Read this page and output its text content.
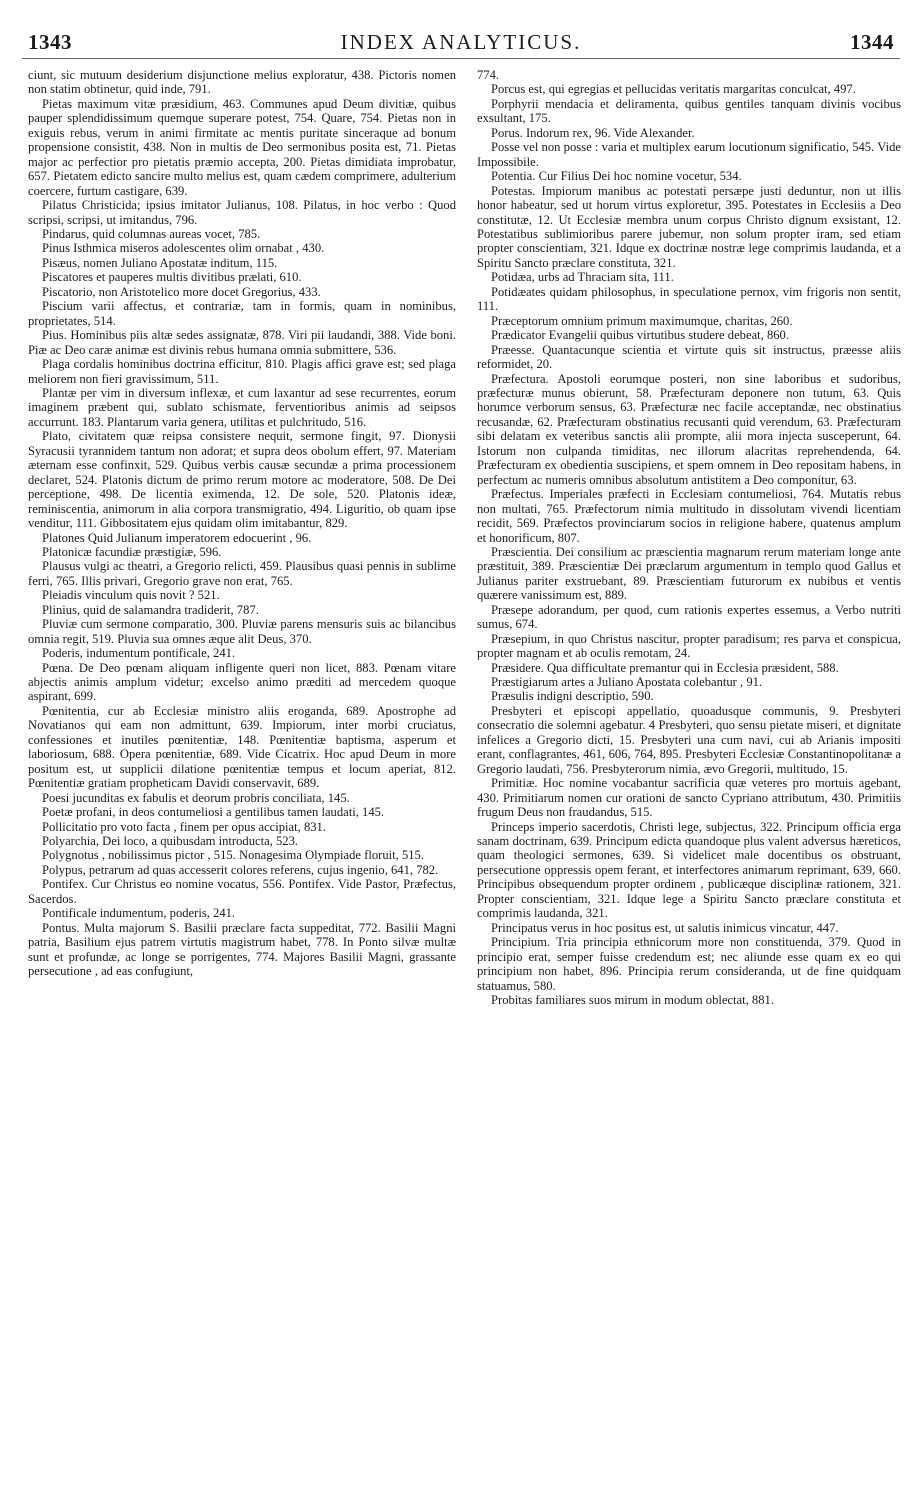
1343	INDEX ANALYTICUS.	1344

ciunt, sic mutuum desiderium disjunctione melius exploratur, 438. Pictoris nomen non statim obtinetur, quid inde, 791.

Pietas maximum vitæ præsidium, 463. Communes apud Deum divitiæ, quibus pauper splendidissimum quemque superare potest, 754. Quare, 754. Pietas non in exiguis rebus, verum in animi firmitate ac mentis puritate sinceraque ad bonum propensione consistit, 438. Non in multis de Deo sermonibus posita est, 71. Pietas major ac perfectior pro pietatis præmio accepta, 200. Pietas dimidiata improbatur, 657. Pietatem edicto sancire multo melius est, quam cædem comprimere, adulterium coercere, furtum castigare, 639.

Pilatus Christicida; ipsius imitator Julianus, 108. Pilatus, in hoc verbo : Quod scripsi, scripsi, ut imitandus, 796.

Pindarus, quid columnas aureas vocet, 785.

Pinus Isthmica miseros adolescentes olim ornabat , 430.

Pisæus, nomen Juliano Apostatæ inditum, 115.

Piscatores et pauperes multis divitibus prælati, 610.

Piscatorio, non Aristotelico more docet Gregorius, 433.

Piscium varii affectus, et contrariæ, tam in formis, quam in nominibus, proprietates, 514.

Pius. Hominibus piis altæ sedes assignatæ, 878. Viri pii laudandi, 388. Vide boni. Piæ ac Deo caræ animæ est divinis rebus humana omnia submittere, 536.

Plaga cordalis hominibus doctrina efficitur, 810. Plagis affici grave est; sed plaga meliorem non fieri gravissimum, 511.

Plantæ per vim in diversum inflexæ, et cum laxantur ad sese recurrentes, eorum imaginem præbent qui, sublato schismate, ferventioribus animis ad seipsos accurrunt. 183. Plantarum varia genera, utilitas et pulchritudo, 516.

Plato, civitatem quæ reipsa consistere nequit, sermone fingit, 97. Dionysii Syracusii tyrannidem tantum non adorat; et supra deos obolum effert, 97. Materiam æternam esse confinxit, 529. Quibus verbis causæ secundæ a prima processionem declaret, 524. Platonis dictum de primo rerum motore ac moderatore, 508. De Dei perceptione, 498. De licentia eximenda, 12. De sole, 520. Platonis ideæ, reminiscentia, animorum in alia corpora transmigratio, 494. Liguritio, ob quam ipse venditur, 111. Gibbositatem ejus quidam olim imitabantur, 829.

Platones Quid Julianum imperatorem edocuerint , 96.

Platonicæ facundiæ præstigiæ, 596.

Plausus vulgi ac theatri, a Gregorio relicti, 459. Plausibus quasi pennis in sublime ferri, 765. Illis privari, Gregorio grave non erat, 765.

Pleiadis vinculum quis novit ? 521.

Plinius, quid de salamandra tradiderit, 787.

Pluviæ cum sermone comparatio, 300. Pluviæ parens mensuris suis ac bilancibus omnia regit, 519. Pluvia sua omnes æque alit Deus, 370.

Poderis, indumentum pontificale, 241.

Pœna. De Deo pœnam aliquam infligente queri non licet, 883. Pœnam vitare abjectis animis amplum videtur; excelso animo præditi ad mercedem quoque aspirant, 699.

Pœnitentia, cur ab Ecclesiæ ministro aliis eroganda, 689. Apostrophe ad Novatianos qui eam non admittunt, 639. Impiorum, inter morbi cruciatus, confessiones et inutiles pœnitentiæ, 148. Pœnitentiæ baptisma, asperum et laboriosum, 688. Opera pœnitentiæ, 689. Vide Cicatrix. Hoc apud Deum in more positum est, ut supplicii dilatione pœnitentiæ tempus et locum aperiat, 812. Pœnitentiæ gratiam propheticam Davidi conservavit, 689.

Poesi jucunditas ex fabulis et deorum probris conciliata, 145.

Poetæ profani, in deos contumeliosi a gentilibus tamen laudati, 145.

Pollicitatio pro voto facta , finem per opus accipiat, 831.

Polyarchia, Dei loco, a quibusdam introducta, 523.

Polygnotus , nobilissimus pictor , 515. Nonagesima Olympiade floruit, 515.

Polypus, petrarum ad quas accesserit colores referens, cujus ingenio, 641, 782.

Pontifex. Cur Christus eo nomine vocatus, 556. Pontifex. Vide Pastor, Præfectus, Sacerdos.

Pontificale indumentum, poderis, 241.

Pontus. Multa majorum S. Basilii præclare facta suppeditat, 772. Basilii Magni patria, Basilium ejus patrem virtutis magistrum habet, 778. In Ponto silvæ multæ sunt et profundæ, ac longe se porrigentes, 774. Majores Basilii Magni, grassante persecutione , ad eas confugiunt,

774.

Porcus est, qui egregias et pellucidas veritatis margaritas conculcat, 497.

Porphyrii mendacia et deliramenta, quibus gentiles tanquam divinis vocibus exsultant, 175.

Porus. Indorum rex, 96. Vide Alexander.

Posse vel non posse : varia et multiplex earum locutionum significatio, 545. Vide Impossibile.

Potentia. Cur Filius Dei hoc nomine vocetur, 534.

Potestas. Impiorum manibus ac potestati persæpe justi deduntur, non ut illis honor habeatur, sed ut horum virtus exploretur, 395. Potestates in Ecclesiis a Deo constitutæ, 12. Ut Ecclesiæ membra unum corpus Christo dignum exsistant, 12. Potestatibus sublimioribus parere jubemur, non solum propter iram, sed etiam propter conscientiam, 321. Idque ex doctrinæ nostræ lege comprimis laudanda, et a Spiritu Sancto præclare constituta, 321.

Potidæa, urbs ad Thraciam sita, 111.

Potidæates quidam philosophus, in speculatione pernox, vim frigoris non sentit, 111.

Præceptorum omnium primum maximumque, charitas, 260.

Prædicator Evangelii quibus virtutibus studere debeat, 860.

Præesse. Quantacunque scientia et virtute quis sit instructus, præesse aliis reformidet, 20.

Præfectura. Apostoli eorumque posteri, non sine laboribus et sudoribus, præfecturæ munus obierunt, 58. Præfecturam deponere non tutum, 63. Quis horumce verborum sensus, 63. Præfecturæ nec facile acceptandæ, nec obstinatius recusandæ, 62. Præfecturam obstinatius recusanti quid verendum, 63. Præfecturam sibi delatam ex veteribus sanctis alii prompte, alii mora injecta susceperunt, 64. Istorum non culpanda timiditas, nec illorum alacritas reprehendenda, 64. Præfecturam ex obedientia suscipiens, et spem omnem in Deo repositam habens, in perfectum ac numeris omnibus absolutum antistitem a Deo componitur, 63.

Præfectus. Imperiales præfecti in Ecclesiam contumeliosi, 764. Mutatis rebus non multati, 765. Præfectorum nimia multitudo in dissolutam vivendi licentiam recidit, 569. Præfectos provinciarum socios in religione habere, quatenus amplum et honorificum, 807.

Præscientia. Dei consilium ac præscientia magnarum rerum materiam longe ante præstituit, 389. Præscientiæ Dei præclarum argumentum in templo quod Gallus et Julianus pariter exstruebant, 89. Præscientiam futurorum ex nubibus et ventis quærere vanissimum est, 889.

Præsepe adorandum, per quod, cum rationis expertes essemus, a Verbo nutriti sumus, 674.

Præsepium, in quo Christus nascitur, propter paradisum; res parva et conspicua, propter magnam et ab oculis remotam, 24.

Præsidere. Qua difficultate premantur qui in Ecclesia præsident, 588.

Præstigiarum artes a Juliano Apostata colebantur , 91.

Præsulis indigni descriptio, 590.

Presbyteri et episcopi appellatio, quoadusque communis, 9. Presbyteri consecratio die solemni agebatur. 4 Presbyteri, quo sensu pietate miseri, et dignitate infelices a Gregorio dicti, 15. Presbyteri una cum navi, cui ab Arianis impositi erant, conflagrantes, 461, 606, 764, 895. Presbyteri Ecclesiæ Constantinopolitanæ a Gregorio laudati, 756. Presbyterorum nimia, ævo Gregorii, multitudo, 15.

Primitiæ. Hoc nomine vocabantur sacrificia quæ veteres pro mortuis agebant, 430. Primitiarum nomen cur orationi de sancto Cypriano attributum, 430. Primitiis frugum Deus non fraudandus, 515.

Princeps imperio sacerdotis, Christi lege, subjectus, 322. Principum officia erga sanam doctrinam, 639. Principum edicta quandoque plus valent adversus hæreticos, quam theologici sermones, 639. Si videlicet male docentibus os obstruant, persecutione oppressis opem ferant, et interfectores animarum reprimant, 639, 660. Principibus obsequendum propter ordinem , publicæque disciplinæ rationem, 321. Propter conscientiam, 321. Idque lege a Spiritu Sancto præclare constituta et comprimis laudanda, 321.

Principatus verus in hoc positus est, ut salutis inimicus vincatur, 447.

Principium. Tria principia ethnicorum more non constituenda, 379. Quod in principio erat, semper fuisse credendum est; nec aliunde esse quam ex eo qui principium non habet, 896. Principia rerum consideranda, ut de fine quidquam statuamus, 580.

Probitas familiares suos mirum in modum oblectat, 881.
